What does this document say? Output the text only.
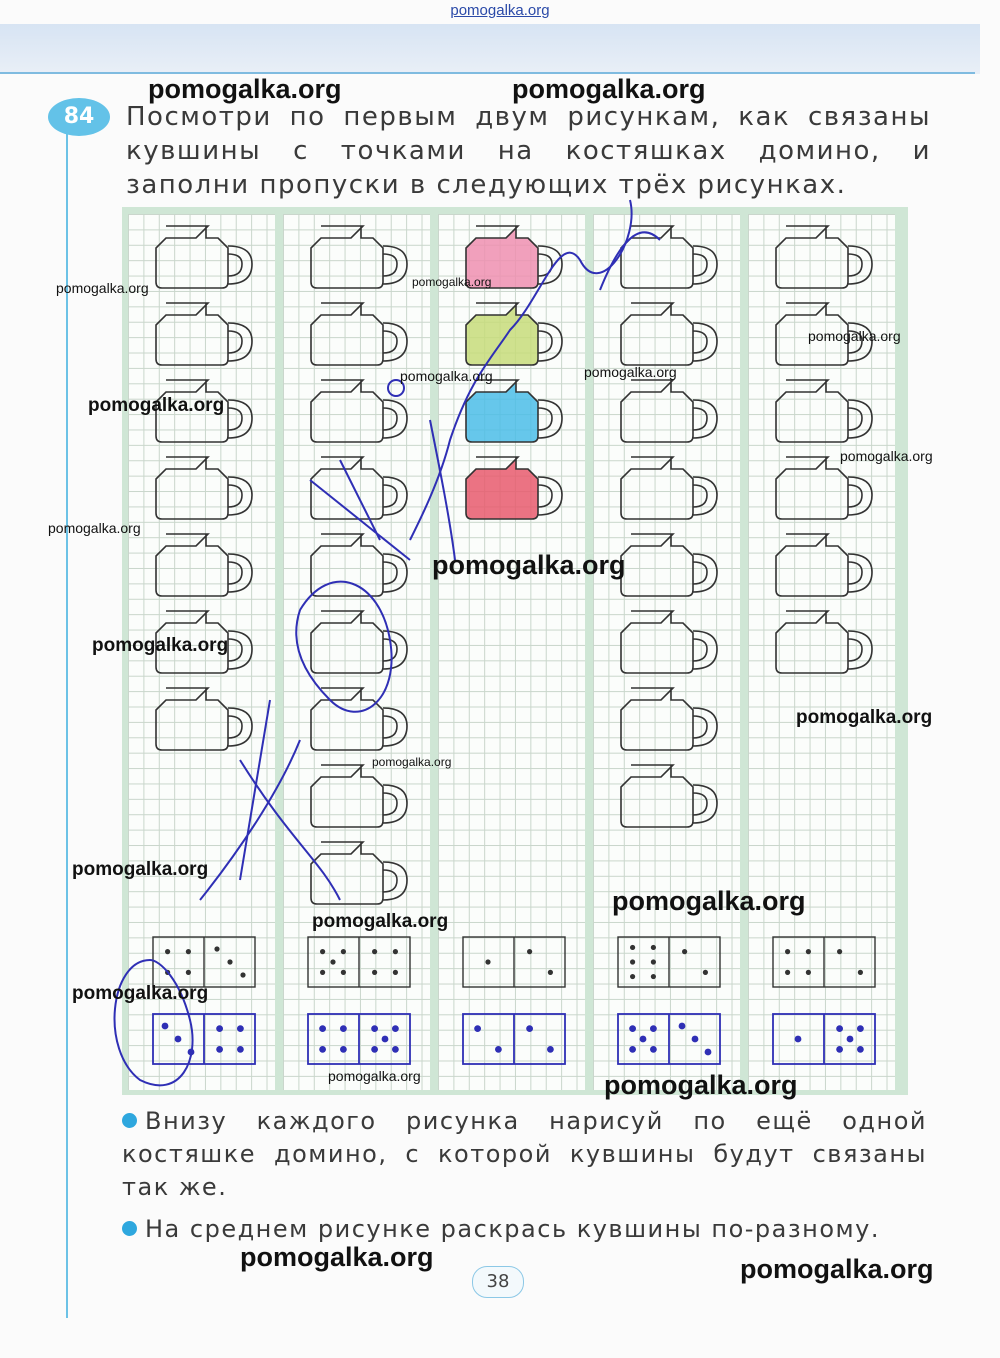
pomogalka.org
84	Посмотри по первым двум рисункам, как связаны кувшины с точками на костяшках домино, и заполни пропуски в следующих трёх рисунках.
Внизу каждого рисунка нарисуй по ещё одной костяшке домино, с которой кувшины будут связаны так же.
На среднем рисунке раскрась кувшины по-разному.
38
pomogalka.org	pomogalka.org
pomogalka.org	pomogalka.org
pomogalka.org
pomogalka.org	pomogalka.org
pomogalka.org
pomogalka.org
pomogalka.org
pomogalka.org
pomogalka.org
pomogalka.org
pomogalka.org
pomogalka.org
pomogalka.org
pomogalka.org
pomogalka.org
pomogalka.org	pomogalka.org
pomogalka.org	pomogalka.org
